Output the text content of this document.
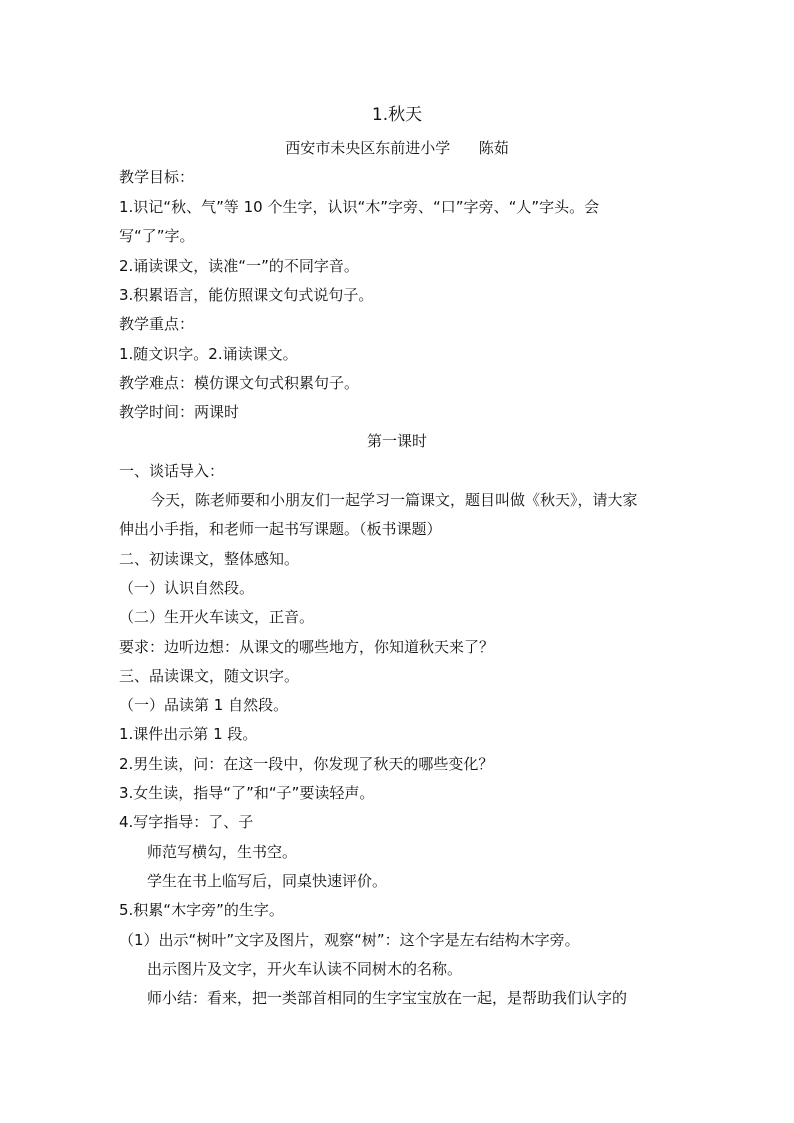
1.秋天
西安市未央区东前进小学      陈茹
教学目标：
1.识记“秋、气”等 10 个生字，认识“木”字旁、“口”字旁、“人”字头。会
写“了”字。
2.诵读课文，读准“一”的不同字音。
3.积累语言，能仿照课文句式说句子。
教学重点：
1.随文识字。2.诵读课文。
教学难点：模仿课文句式积累句子。
教学时间：两课时
第一课时
一、谈话导入：
今天，陈老师要和小朋友们一起学习一篇课文，题目叫做《秋天》，请大家
伸出小手指，和老师一起书写课题。（板书课题）
二、初读课文，整体感知。
（一）认识自然段。
（二）生开火车读文，正音。
要求：边听边想：从课文的哪些地方，你知道秋天来了？
三、品读课文，随文识字。
（一）品读第 1 自然段。
1.课件出示第 1 段。
2.男生读，问：在这一段中，你发现了秋天的哪些变化？
3.女生读，指导“了”和“子”要读轻声。
4.写字指导：了、子
师范写横勾，生书空。
学生在书上临写后，同桌快速评价。
5.积累“木字旁”的生字。
（1）出示“树叶”文字及图片，观察“树”：这个字是左右结构木字旁。
出示图片及文字，开火车认读不同树木的名称。
师小结：看来，把一类部首相同的生字宝宝放在一起，是帮助我们认字的
